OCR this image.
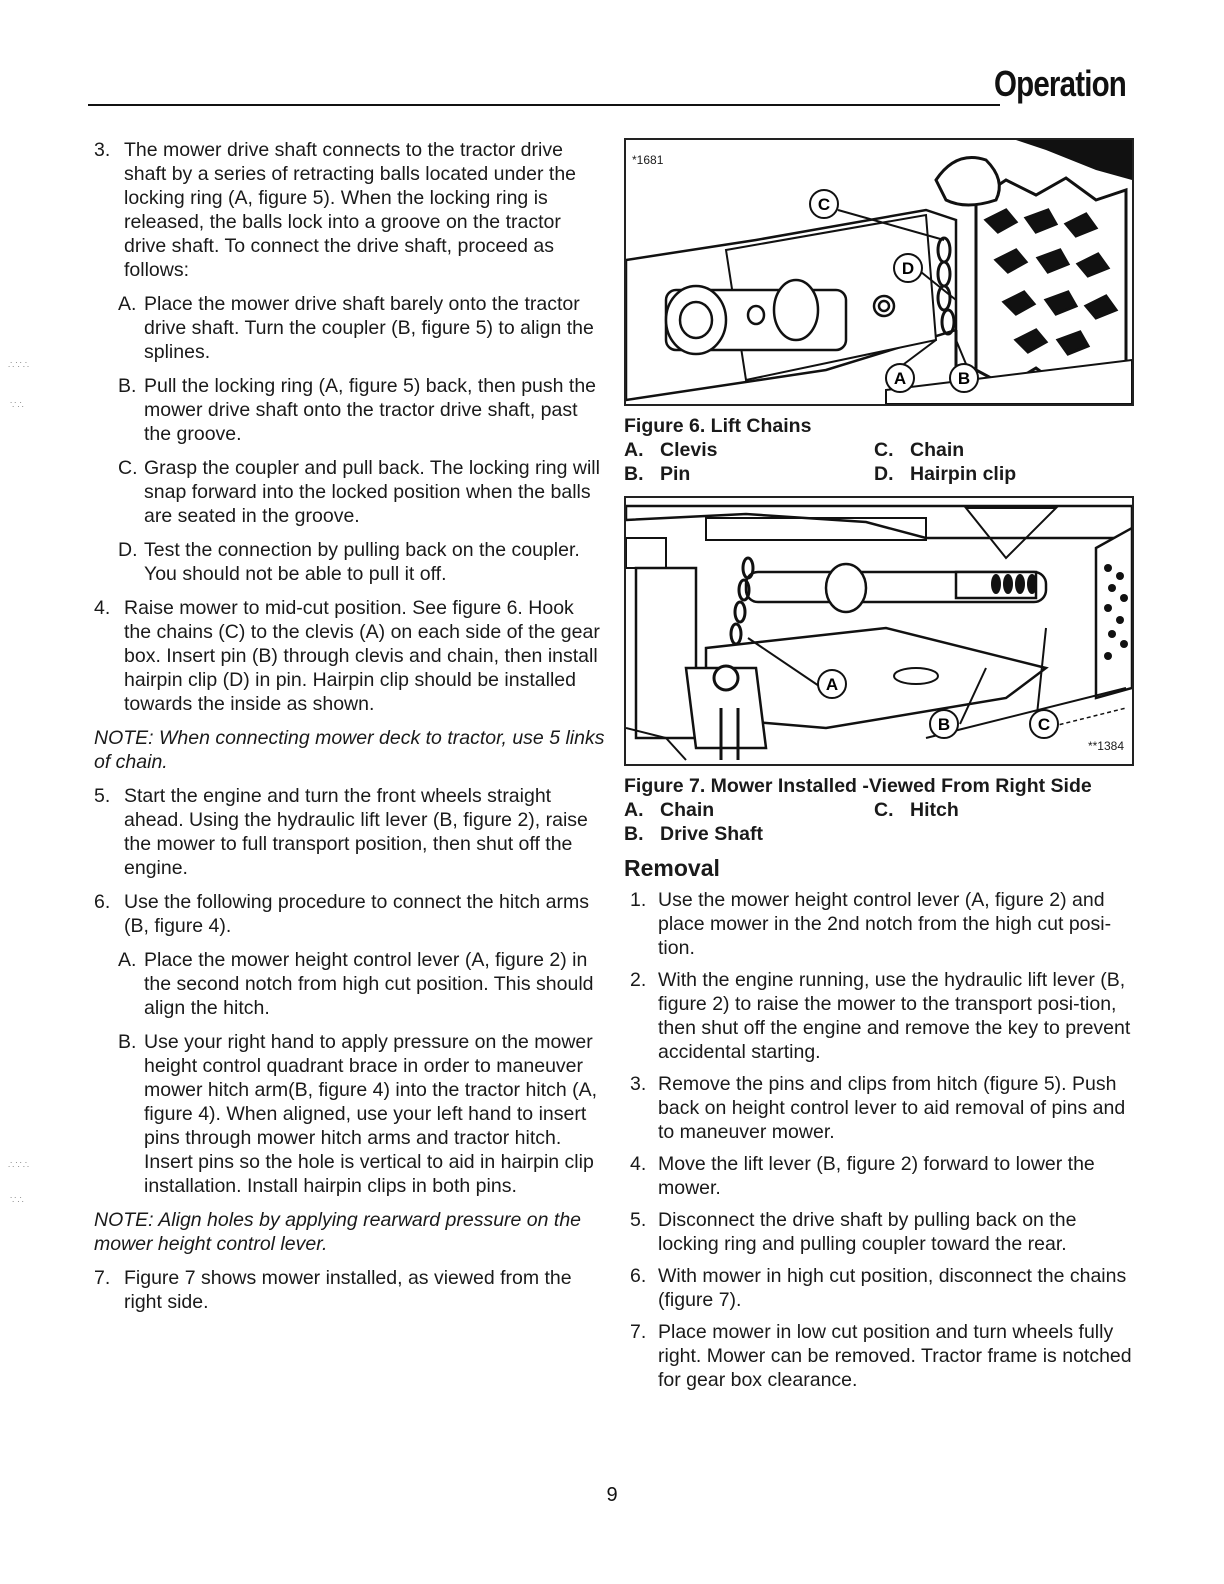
Operation
3. The mower drive shaft connects to the tractor drive shaft by a series of retracting balls located under the locking ring (A, figure 5). When the locking ring is released, the balls lock into a groove on the tractor drive shaft. To connect the drive shaft, proceed as follows:
A. Place the mower drive shaft barely onto the tractor drive shaft. Turn the coupler (B, figure 5) to align the splines.
B. Pull the locking ring (A, figure 5) back, then push the mower drive shaft onto the tractor drive shaft, past the groove.
C. Grasp the coupler and pull back. The locking ring will snap forward into the locked position when the balls are seated in the groove.
D. Test the connection by pulling back on the coupler. You should not be able to pull it off.
4. Raise mower to mid-cut position. See figure 6. Hook the chains (C) to the clevis (A) on each side of the gear box. Insert pin (B) through clevis and chain, then install hairpin clip (D) in pin. Hairpin clip should be installed towards the inside as shown.
NOTE: When connecting mower deck to tractor, use 5 links of chain.
5. Start the engine and turn the front wheels straight ahead. Using the hydraulic lift lever (B, figure 2), raise the mower to full transport position, then shut off the engine.
6. Use the following procedure to connect the hitch arms (B, figure 4).
A. Place the mower height control lever (A, figure 2) in the second notch from high cut position. This should align the hitch.
B. Use your right hand to apply pressure on the mower height control quadrant brace in order to maneuver mower hitch arm(B, figure 4) into the tractor hitch (A, figure 4). When aligned, use your left hand to insert pins through mower hitch arms and tractor hitch. Insert pins so the hole is vertical to aid in hairpin clip installation. Install hairpin clips in both pins.
NOTE: Align holes by applying rearward pressure on the mower height control lever.
7. Figure 7 shows mower installed, as viewed from the right side.
C
D
A	B
*1681
Figure 6. Lift Chains
A. Clevis	C. Chain
B. Pin	D. Hairpin clip
A
B	C
**1384
Figure 7. Mower Installed -Viewed From Right Side
A. Chain	C. Hitch
B. Drive Shaft
Removal
1. Use the mower height control lever (A, figure 2) and place mower in the 2nd notch from the high cut posi-tion.
2. With the engine running, use the hydraulic lift lever (B, figure 2) to raise the mower to the transport posi-tion, then shut off the engine and remove the key to prevent accidental starting.
3. Remove the pins and clips from hitch (figure 5). Push back on height control lever to aid removal of pins and to maneuver mower.
4. Move the lift lever (B, figure 2) forward to lower the mower.
5. Disconnect the drive shaft by pulling back on the locking ring and pulling coupler toward the rear.
6. With mower in high cut position, disconnect the chains (figure 7).
7. Place mower in low cut position and turn wheels fully right. Mower can be removed. Tractor frame is notched for gear box clearance.
9
∴∵∴
∵∴
∴∵∴
∵∴
